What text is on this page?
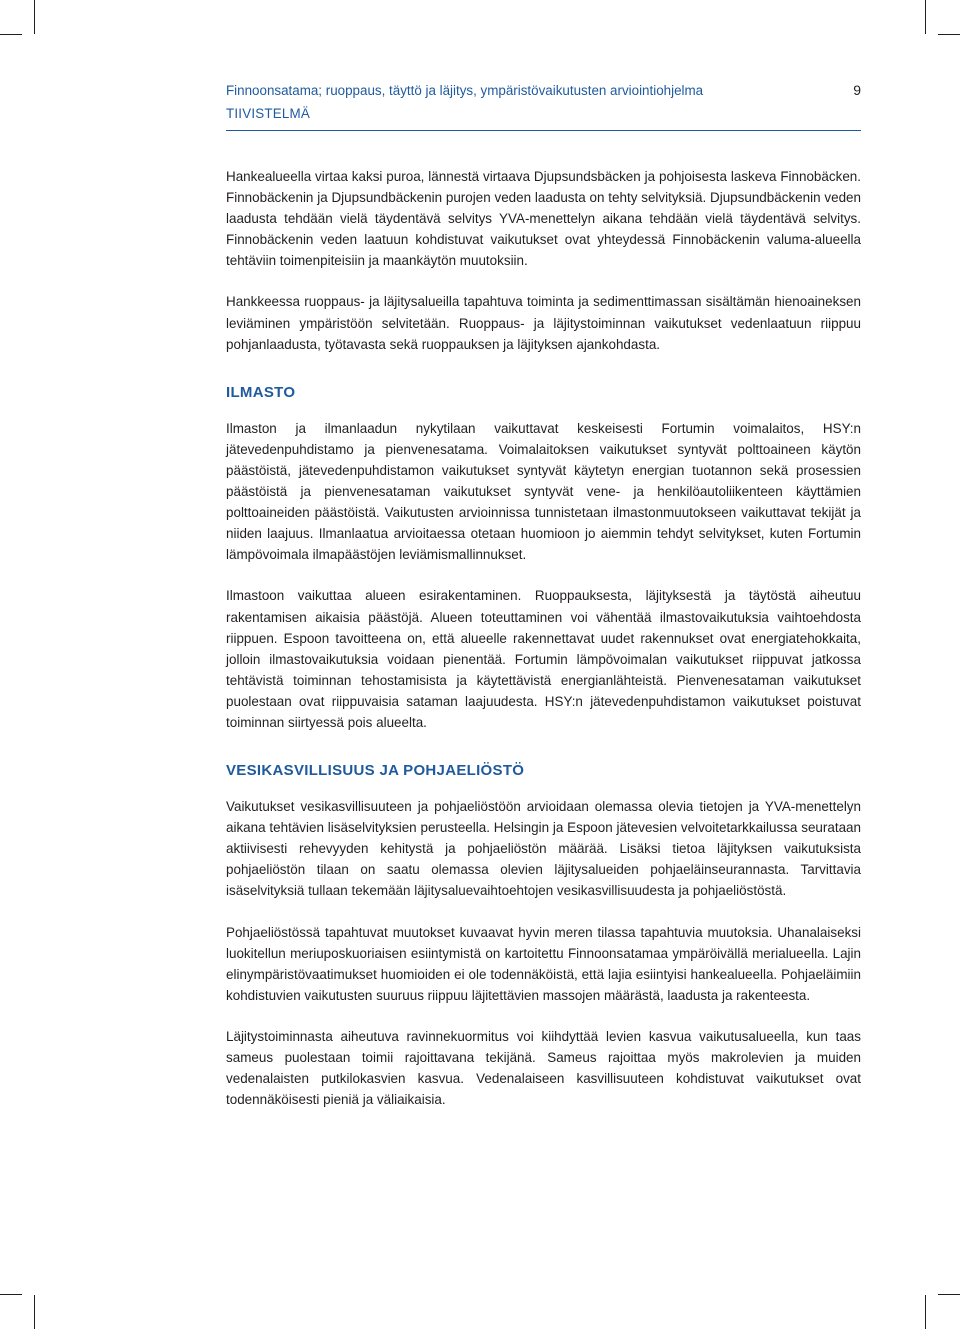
Finnoonsatama; ruoppaus, täyttö ja läjitys, ympäristövaikutusten arviointiohjelma
TIIVISTELMÄ
9

Hankealueella virtaa kaksi puroa, lännestä virtaava Djupsundsbäcken ja pohjoisesta laskeva Finnobäcken. Finnobäckenin ja Djupsundbäckenin purojen veden laadusta on tehty selvityksiä. Djupsundbäckenin veden laadusta tehdään vielä täydentävä selvitys YVA-menettelyn aikana tehdään vielä täydentävä selvitys. Finnobäckenin veden laatuun kohdistuvat vaikutukset ovat yhteydessä Finnobäckenin valuma-alueella tehtäviin toimenpiteisiin ja maankäytön muutoksiin.

Hankkeessa ruoppaus- ja läjitysalueilla tapahtuva toiminta ja sedimenttimassan sisältämän hienoaineksen leviäminen ympäristöön selvitetään. Ruoppaus- ja läjitystoiminnan vaikutukset vedenlaatuun riippuu pohjanlaadusta, työtavasta sekä ruoppauksen ja läjityksen ajankohdasta.

ILMASTO

Ilmaston ja ilmanlaadun nykytilaan vaikuttavat keskeisesti Fortumin voimalaitos, HSY:n jätevedenpuhdistamo ja pienvenesatama. Voimalaitoksen vaikutukset syntyvät polttoaineen käytön päästöistä, jätevedenpuhdistamon vaikutukset syntyvät käytetyn energian tuotannon sekä prosessien päästöistä ja pienvenesataman vaikutukset syntyvät vene- ja henkilöautoliikenteen käyttämien polttoaineiden päästöistä. Vaikutusten arvioinnissa tunnistetaan ilmastonmuutokseen vaikuttavat tekijät ja niiden laajuus. Ilmanlaatua arvioitaessa otetaan huomioon jo aiemmin tehdyt selvitykset, kuten Fortumin lämpövoimala ilmapäästöjen leviämismallinnukset.

Ilmastoon vaikuttaa alueen esirakentaminen. Ruoppauksesta, läjityksestä ja täytöstä aiheutuu rakentamisen aikaisia päästöjä. Alueen toteuttaminen voi vähentää ilmastovaikutuksia vaihtoehdosta riippuen. Espoon tavoitteena on, että alueelle rakennettavat uudet rakennukset ovat energiatehokkaita, jolloin ilmastovaikutuksia voidaan pienentää. Fortumin lämpövoimalan vaikutukset riippuvat jatkossa tehtävistä toiminnan tehostamisista ja käytettävistä energianlähteistä. Pienvenesataman vaikutukset puolestaan ovat riippuvaisia sataman laajuudesta. HSY:n jätevedenpuhdistamon vaikutukset poistuvat toiminnan siirtyessä pois alueelta.

VESIKASVILLISUUS JA POHJAELIÖSTÖ

Vaikutukset vesikasvillisuuteen ja pohjaeliöstöön arvioidaan olemassa olevia tietojen ja YVA-menettelyn aikana tehtävien lisäselvityksien perusteella. Helsingin ja Espoon jätevesien velvoitetarkkailussa seurataan aktiivisesti rehevyyden kehitystä ja pohjaeliöstön määrää. Lisäksi tietoa läjityksen vaikutuksista pohjaeliöstön tilaan on saatu olemassa olevien läjitysalueiden pohjaeläinseurannasta. Tarvittavia isäselvityksiä tullaan tekemään läjitysaluevaihtoehtojen vesikasvillisuudesta ja pohjaeliöstöstä.

Pohjaeliöstössä tapahtuvat muutokset kuvaavat hyvin meren tilassa tapahtuvia muutoksia. Uhanalaiseksi luokitellun meriuposkuoriaisen esiintymistä on kartoitettu Finnoonsatamaa ympäröivällä merialueella. Lajin elinympäristövaatimukset huomioiden ei ole todennäköistä, että lajia esiintyisi hankealueella. Pohjaeläimiin kohdistuvien vaikutusten suuruus riippuu läjitettävien massojen määrästä, laadusta ja rakenteesta.

Läjitystoiminnasta aiheutuva ravinnekuormitus voi kiihdyttää levien kasvua vaikutusalueella, kun taas sameus puolestaan toimii rajoittavana tekijänä. Sameus rajoittaa myös makrolevien ja muiden vedenalaisten putkilokasvien kasvua. Vedenalaiseen kasvillisuuteen kohdistuvat vaikutukset ovat todennäköisesti pieniä ja väliaikaisia.
